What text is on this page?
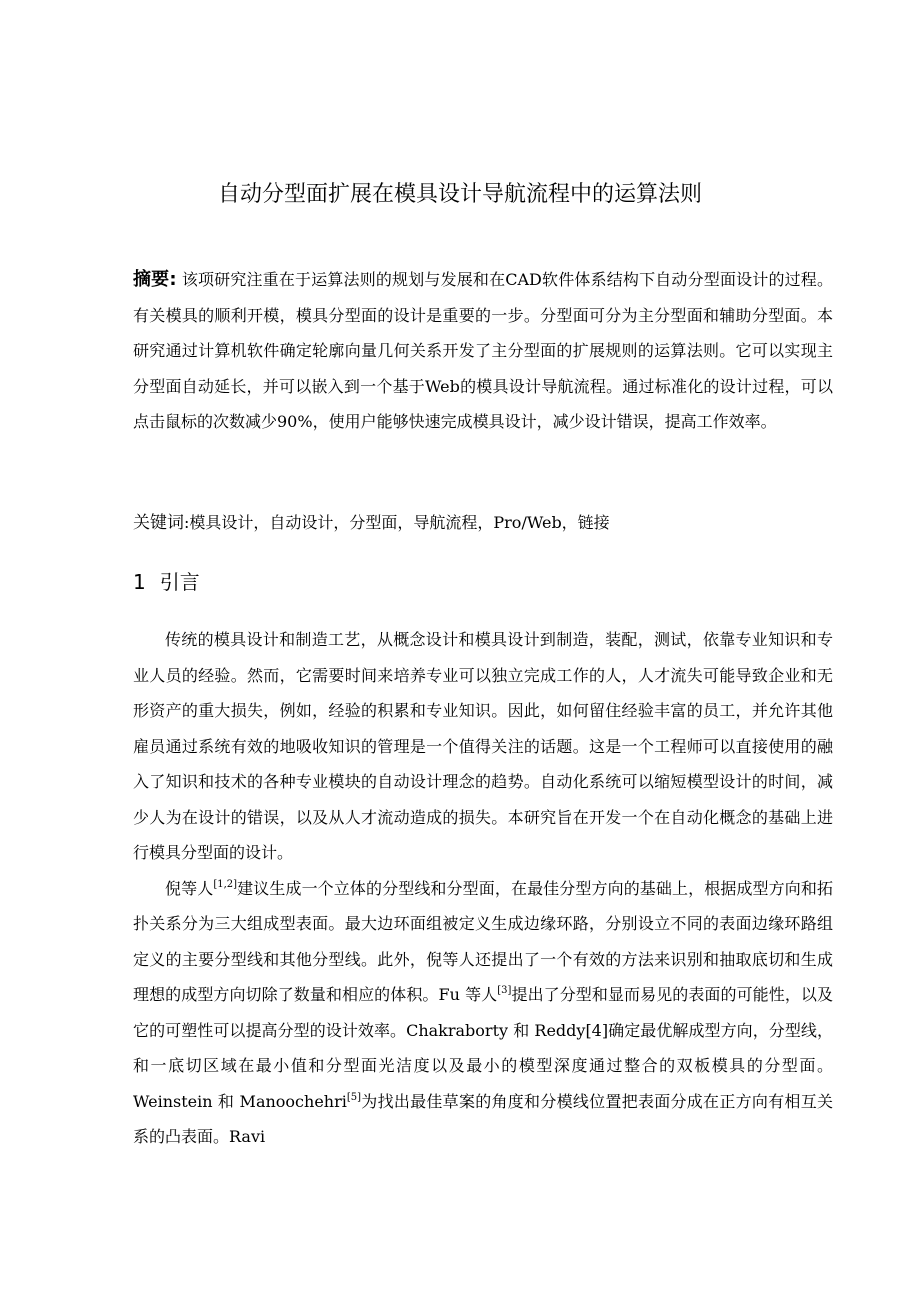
自动分型面扩展在模具设计导航流程中的运算法则
摘要: 该项研究注重在于运算法则的规划与发展和在CAD软件体系结构下自动分型面设计的过程。有关模具的顺利开模，模具分型面的设计是重要的一步。分型面可分为主分型面和辅助分型面。本研究通过计算机软件确定轮廓向量几何关系开发了主分型面的扩展规则的运算法则。它可以实现主分型面自动延长，并可以嵌入到一个基于Web的模具设计导航流程。通过标准化的设计过程，可以点击鼠标的次数减少90%，使用户能够快速完成模具设计，减少设计错误，提高工作效率。
关键词:模具设计，自动设计，分型面，导航流程，Pro/Web，链接
1 引言

传统的模具设计和制造工艺，从概念设计和模具设计到制造，装配，测试，依靠专业知识和专业人员的经验。然而，它需要时间来培养专业可以独立完成工作的人，人才流失可能导致企业和无形资产的重大损失，例如，经验的积累和专业知识。因此，如何留住经验丰富的员工，并允许其他雇员通过系统有效的地吸收知识的管理是一个值得关注的话题。这是一个工程师可以直接使用的融入了知识和技术的各种专业模块的自动设计理念的趋势。自动化系统可以缩短模型设计的时间，减少人为在设计的错误，以及从人才流动造成的损失。本研究旨在开发一个在自动化概念的基础上进行模具分型面的设计。

倪等人[1,2]建议生成一个立体的分型线和分型面，在最佳分型方向的基础上，根据成型方向和拓扑关系分为三大组成型表面。最大边环面组被定义生成边缘环路，分别设立不同的表面边缘环路组定义的主要分型线和其他分型线。此外，倪等人还提出了一个有效的方法来识别和抽取底切和生成理想的成型方向切除了数量和相应的体积。Fu 等人[3]提出了分型和显而易见的表面的可能性，以及它的可塑性可以提高分型的设计效率。Chakraborty 和 Reddy[4]确定最优解成型方向，分型线，和一底切区域在最小值和分型面光洁度以及最小的模型深度通过整合的双板模具的分型面。Weinstein 和 Manoochehri[5]为找出最佳草案的角度和分模线位置把表面分成在正方向有相互关系的凸表面。Ravi
